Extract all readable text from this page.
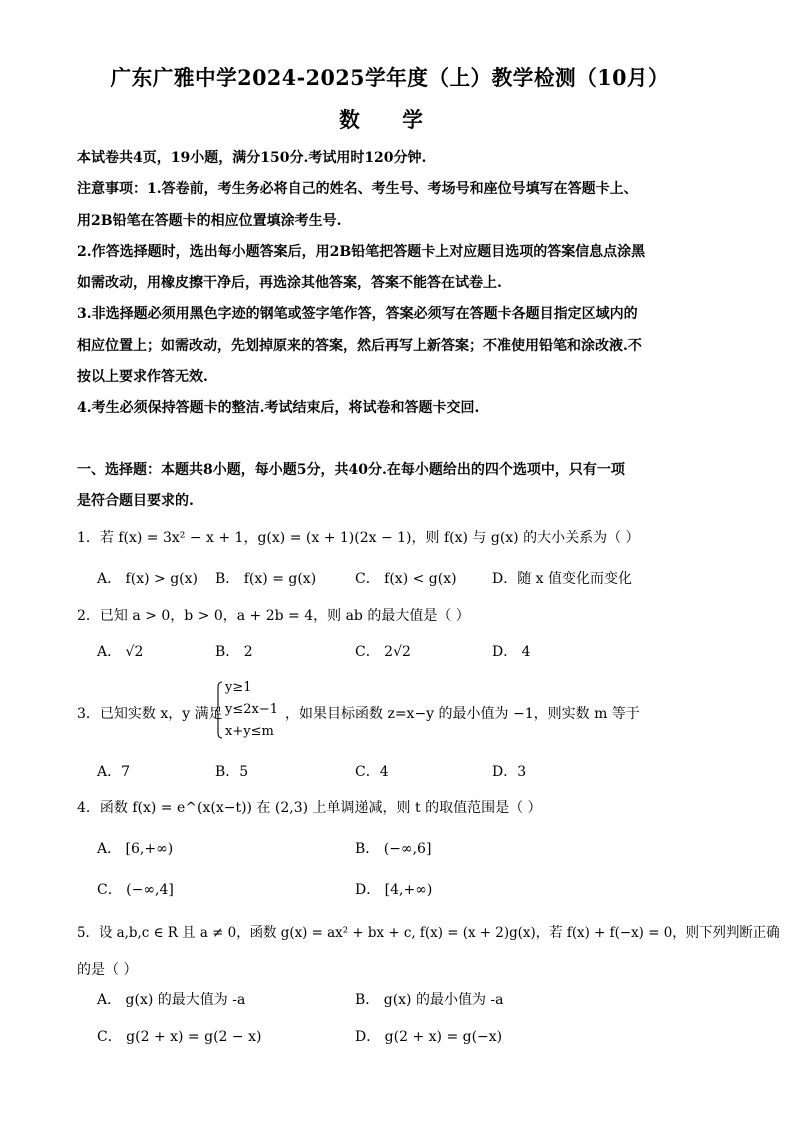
广东广雅中学2024-2025学年度（上）教学检测（10月）
数 学
本试卷共4页，19小题，满分150分.考试用时120分钟.
注意事项：1.答卷前，考生务必将自己的姓名、考生号、考场号和座位号填写在答题卡上、
用2B铅笔在答题卡的相应位置填涂考生号.
2.作答选择题时，选出每小题答案后，用2B铅笔把答题卡上对应题目选项的答案信息点涂黑
如需改动，用橡皮擦干净后，再选涂其他答案，答案不能答在试卷上.
3.非选择题必须用黑色字迹的钢笔或签字笔作答，答案必须写在答题卡各题目指定区域内的
相应位置上；如需改动，先划掉原来的答案，然后再写上新答案；不准使用铅笔和涂改液.不
按以上要求作答无效.
4.考生必须保持答题卡的整洁.考试结束后，将试卷和答题卡交回.
一、选择题：本题共8小题，每小题5分，共40分.在每小题给出的四个选项中，只有一项
是符合题目要求的.
1．若 f(x) = 3x² − x + 1，g(x) = (x + 1)(2x − 1)，则 f(x) 与 g(x) 的大小关系为（ ）
A． f(x) > g(x) B． f(x) = g(x)	C． f(x) < g(x)	D．随 x 值变化而变化
2．已知 a > 0，b > 0，a + 2b = 4，则 ab 的最大值是（ ）
A． √2	B． 2	C． 2√2	D． 4
3．已知实数 x，y 满足
y≥1
y≤2x−1
x+y≤m
，如果目标函数 z=x−y 的最小值为 −1，则实数 m 等于
A．7	B．5	C．4	D．3
4．函数 f(x) = e^(x(x−t)) 在 (2,3) 上单调递减，则 t 的取值范围是（ ）
A． [6,+∞)	B． (−∞,6]
C． (−∞,4]	D． [4,+∞)
5．设 a,b,c ∈ R 且 a ≠ 0，函数 g(x) = ax² + bx + c, f(x) = (x + 2)g(x)，若 f(x) + f(−x) = 0，则下列判断正确
的是（ ）
A． g(x) 的最大值为 -a	B． g(x) 的最小值为 -a
C． g(2 + x) = g(2 − x)	D． g(2 + x) = g(−x)
